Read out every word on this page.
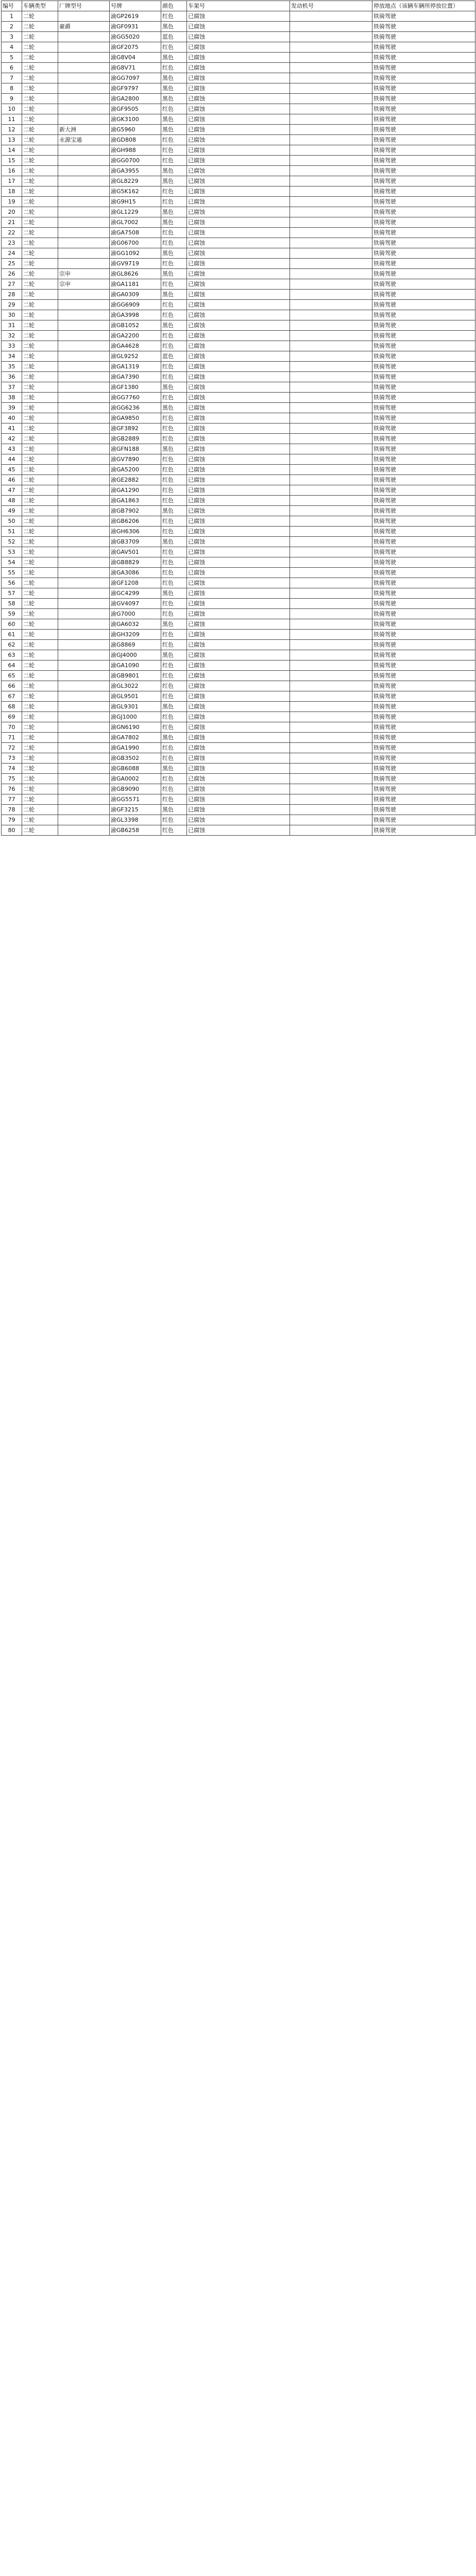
编号	车辆类型	厂牌型号	号牌	颜色	车架号	发动机号	停放地点（该辆车辆所停放位置）
1	二轮		渝GP2619	红色	已腐蚀		铁骑驾驶
2	二轮	豪爵	渝GF0931	黑色	已腐蚀		铁骑驾驶
3	二轮		渝GG5020	蓝色	已腐蚀		铁骑驾驶
4	二轮		渝GF2075	红色	已腐蚀		铁骑驾驶
5	二轮		渝G8V04	黑色	已腐蚀		铁骑驾驶
6	二轮		渝G8V71	红色	已腐蚀		铁骑驾驶
7	二轮		渝GG7097	黑色	已腐蚀		铁骑驾驶
8	二轮		渝GF9797	黑色	已腐蚀		铁骑驾驶
9	二轮		渝GA2800	黑色	已腐蚀		铁骑驾驶
10	二轮		渝GF9505	红色	已腐蚀		铁骑驾驶
11	二轮		渝GK3100	黑色	已腐蚀		铁骑驾驶
12	二轮	新大洲	渝G5960	黑色	已腐蚀		铁骑驾驶
13	二轮	永源宝通	渝GD808	红色	已腐蚀		铁骑驾驶
14	二轮		渝GH988	红色	已腐蚀		铁骑驾驶
15	二轮		渝GG0700	红色	已腐蚀		铁骑驾驶
16	二轮		渝GA3955	黑色	已腐蚀		铁骑驾驶
17	二轮		渝GL8229	黑色	已腐蚀		铁骑驾驶
18	二轮		渝G5K162	红色	已腐蚀		铁骑驾驶
19	二轮		渝G9H15	红色	已腐蚀		铁骑驾驶
20	二轮		渝GL1229	黑色	已腐蚀		铁骑驾驶
21	二轮		渝GL7002	黑色	已腐蚀		铁骑驾驶
22	二轮		渝GA7508	红色	已腐蚀		铁骑驾驶
23	二轮		渝G06700	红色	已腐蚀		铁骑驾驶
24	二轮		渝GG1092	黑色	已腐蚀		铁骑驾驶
25	二轮		渝GV9719	红色	已腐蚀		铁骑驾驶
26	二轮	宗申	渝GL8626	黑色	已腐蚀		铁骑驾驶
27	二轮	宗申	渝GA1181	红色	已腐蚀		铁骑驾驶
28	二轮		渝GA0309	黑色	已腐蚀		铁骑驾驶
29	二轮		渝GG6909	红色	已腐蚀		铁骑驾驶
30	二轮		渝GA3998	红色	已腐蚀		铁骑驾驶
31	二轮		渝GB1052	黑色	已腐蚀		铁骑驾驶
32	二轮		渝GA2200	红色	已腐蚀		铁骑驾驶
33	二轮		渝GA4628	红色	已腐蚀		铁骑驾驶
34	二轮		渝GL9252	蓝色	已腐蚀		铁骑驾驶
35	二轮		渝GA1319	红色	已腐蚀		铁骑驾驶
36	二轮		渝GA7390	红色	已腐蚀		铁骑驾驶
37	二轮		渝GF1380	黑色	已腐蚀		铁骑驾驶
38	二轮		渝GG7760	红色	已腐蚀		铁骑驾驶
39	二轮		渝GG6236	黑色	已腐蚀		铁骑驾驶
40	二轮		渝GA9850	红色	已腐蚀		铁骑驾驶
41	二轮		渝GF3892	红色	已腐蚀		铁骑驾驶
42	二轮		渝GB2889	红色	已腐蚀		铁骑驾驶
43	二轮		渝GFN188	黑色	已腐蚀		铁骑驾驶
44	二轮		渝GV7890	红色	已腐蚀		铁骑驾驶
45	二轮		渝GA5200	红色	已腐蚀		铁骑驾驶
46	二轮		渝GE2882	红色	已腐蚀		铁骑驾驶
47	二轮		渝GA1290	红色	已腐蚀		铁骑驾驶
48	二轮		渝GA1863	红色	已腐蚀		铁骑驾驶
49	二轮		渝GB7902	黑色	已腐蚀		铁骑驾驶
50	二轮		渝GB6206	红色	已腐蚀		铁骑驾驶
51	二轮		渝GH6306	红色	已腐蚀		铁骑驾驶
52	二轮		渝GB3709	黑色	已腐蚀		铁骑驾驶
53	二轮		渝GAV501	红色	已腐蚀		铁骑驾驶
54	二轮		渝GB8829	红色	已腐蚀		铁骑驾驶
55	二轮		渝GA3086	红色	已腐蚀		铁骑驾驶
56	二轮		渝GF1208	红色	已腐蚀		铁骑驾驶
57	二轮		渝GC4299	黑色	已腐蚀		铁骑驾驶
58	二轮		渝GV4097	红色	已腐蚀		铁骑驾驶
59	二轮		渝G7000	红色	已腐蚀		铁骑驾驶
60	二轮		渝GA6032	黑色	已腐蚀		铁骑驾驶
61	二轮		渝GH3209	红色	已腐蚀		铁骑驾驶
62	二轮		渝G8869	红色	已腐蚀		铁骑驾驶
63	二轮		渝GJ4000	黑色	已腐蚀		铁骑驾驶
64	二轮		渝GA1090	红色	已腐蚀		铁骑驾驶
65	二轮		渝GB9801	红色	已腐蚀		铁骑驾驶
66	二轮		渝GL3022	红色	已腐蚀		铁骑驾驶
67	二轮		渝GL9501	红色	已腐蚀		铁骑驾驶
68	二轮		渝GL9301	黑色	已腐蚀		铁骑驾驶
69	二轮		渝GJ1000	红色	已腐蚀		铁骑驾驶
70	二轮		渝GN6190	红色	已腐蚀		铁骑驾驶
71	二轮		渝GA7802	黑色	已腐蚀		铁骑驾驶
72	二轮		渝GA1990	红色	已腐蚀		铁骑驾驶
73	二轮		渝GB3502	红色	已腐蚀		铁骑驾驶
74	二轮		渝GB6088	黑色	已腐蚀		铁骑驾驶
75	二轮		渝GA0002	红色	已腐蚀		铁骑驾驶
76	二轮		渝GB9090	红色	已腐蚀		铁骑驾驶
77	二轮		渝GG5571	红色	已腐蚀		铁骑驾驶
78	二轮		渝GF3215	黑色	已腐蚀		铁骑驾驶
79	二轮		渝GL3398	红色	已腐蚀		铁骑驾驶
80	二轮		渝GB6258	红色	已腐蚀		铁骑驾驶
